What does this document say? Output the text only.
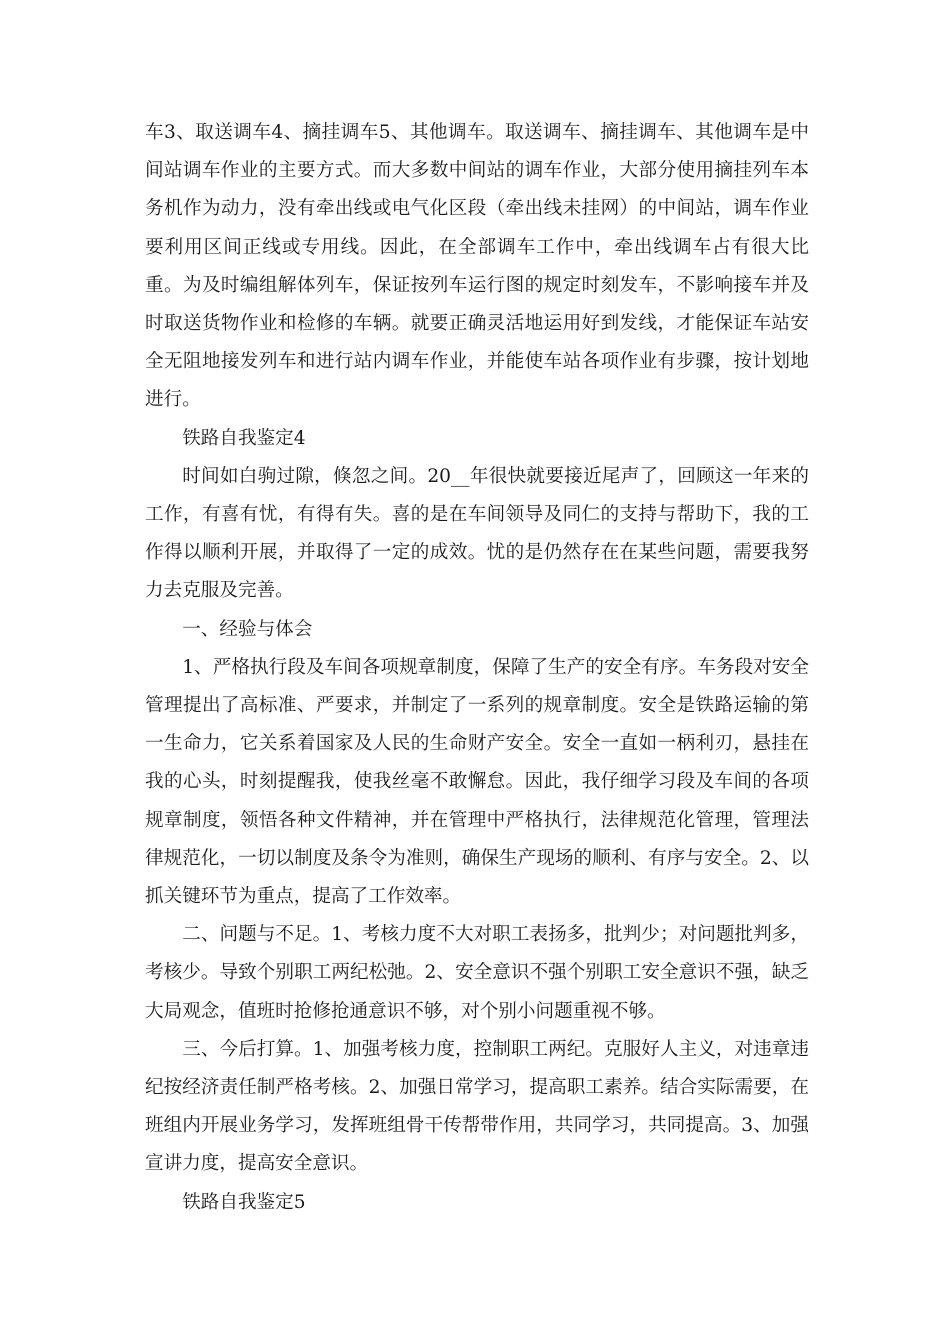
车3、取送调车4、摘挂调车5、其他调车。取送调车、摘挂调车、其他调车是中间站调车作业的主要方式。而大多数中间站的调车作业，大部分使用摘挂列车本务机作为动力，没有牵出线或电气化区段（牵出线未挂网）的中间站，调车作业要利用区间正线或专用线。因此，在全部调车工作中，牵出线调车占有很大比重。为及时编组解体列车，保证按列车运行图的规定时刻发车，不影响接车并及时取送货物作业和检修的车辆。就要正确灵活地运用好到发线，才能保证车站安全无阻地接发列车和进行站内调车作业，并能使车站各项作业有步骤，按计划地进行。

铁路自我鉴定4

时间如白驹过隙，倏忽之间。20__年很快就要接近尾声了，回顾这一年来的工作，有喜有忧，有得有失。喜的是在车间领导及同仁的支持与帮助下，我的工作得以顺利开展，并取得了一定的成效。忧的是仍然存在在某些问题，需要我努力去克服及完善。

一、经验与体会

1、严格执行段及车间各项规章制度，保障了生产的安全有序。车务段对安全管理提出了高标准、严要求，并制定了一系列的规章制度。安全是铁路运输的第一生命力，它关系着国家及人民的生命财产安全。安全一直如一柄利刃，悬挂在我的心头，时刻提醒我，使我丝毫不敢懈怠。因此，我仔细学习段及车间的各项规章制度，领悟各种文件精神，并在管理中严格执行，法律规范化管理，管理法律规范化，一切以制度及条令为准则，确保生产现场的顺利、有序与安全。2、以抓关键环节为重点，提高了工作效率。

二、问题与不足。1、考核力度不大对职工表扬多，批判少；对问题批判多，考核少。导致个别职工两纪松弛。2、安全意识不强个别职工安全意识不强，缺乏大局观念，值班时抢修抢通意识不够，对个别小问题重视不够。

三、今后打算。1、加强考核力度，控制职工两纪。克服好人主义，对违章违纪按经济责任制严格考核。2、加强日常学习，提高职工素养。结合实际需要，在班组内开展业务学习，发挥班组骨干传帮带作用，共同学习，共同提高。3、加强宣讲力度，提高安全意识。

铁路自我鉴定5
